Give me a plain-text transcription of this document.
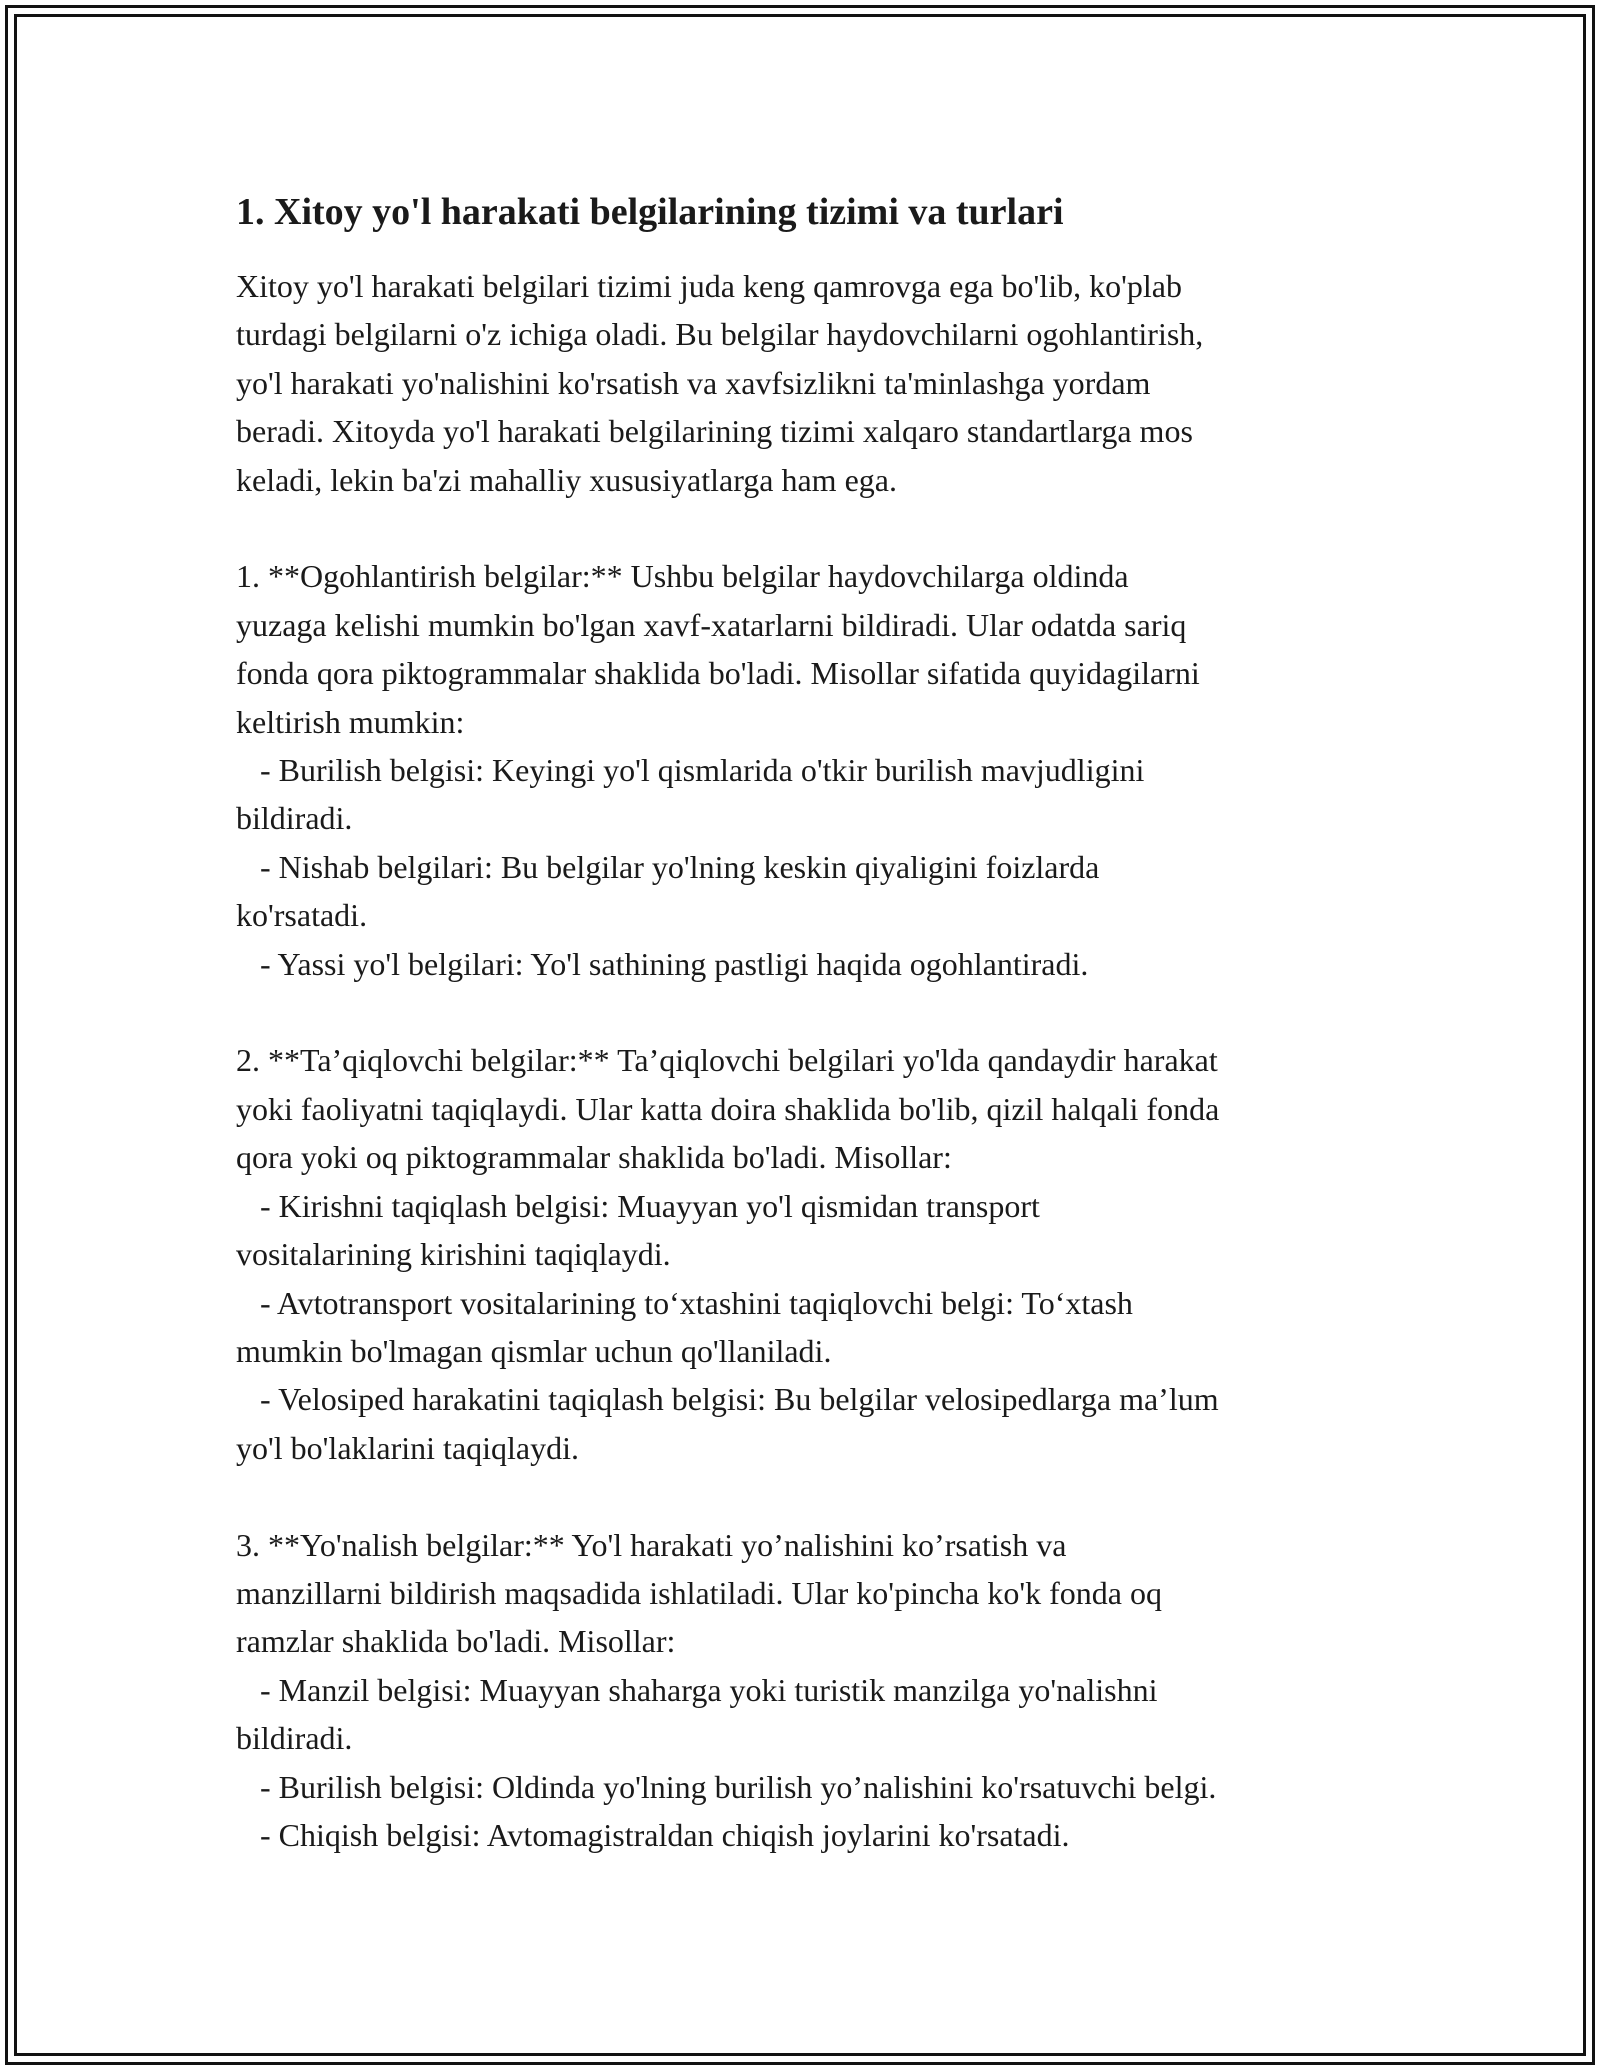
1. Xitoy yo'l harakati belgilarining tizimi va turlari

Xitoy yo'l harakati belgilari tizimi juda keng qamrovga ega bo'lib, ko'plab
turdagi belgilarni o'z ichiga oladi. Bu belgilar haydovchilarni ogohlantirish,
yo'l harakati yo'nalishini ko'rsatish va xavfsizlikni ta'minlashga yordam
beradi. Xitoyda yo'l harakati belgilarining tizimi xalqaro standartlarga mos
keladi, lekin ba'zi mahalliy xususiyatlarga ham ega.

1. **Ogohlantirish belgilar:** Ushbu belgilar haydovchilarga oldinda
yuzaga kelishi mumkin bo'lgan xavf-xatarlarni bildiradi. Ular odatda sariq
fonda qora piktogrammalar shaklida bo'ladi. Misollar sifatida quyidagilarni
keltirish mumkin:
- Burilish belgisi: Keyingi yo'l qismlarida o'tkir burilish mavjudligini
bildiradi.
- Nishab belgilari: Bu belgilar yo'lning keskin qiyaligini foizlarda
ko'rsatadi.
- Yassi yo'l belgilari: Yo'l sathining pastligi haqida ogohlantiradi.

2. **Ta’qiqlovchi belgilar:** Ta’qiqlovchi belgilari yo'lda qandaydir harakat
yoki faoliyatni taqiqlaydi. Ular katta doira shaklida bo'lib, qizil halqali fonda
qora yoki oq piktogrammalar shaklida bo'ladi. Misollar:
- Kirishni taqiqlash belgisi: Muayyan yo'l qismidan transport
vositalarining kirishini taqiqlaydi.
- Avtotransport vositalarining to‘xtashini taqiqlovchi belgi: To‘xtash
mumkin bo'lmagan qismlar uchun qo'llaniladi.
- Velosiped harakatini taqiqlash belgisi: Bu belgilar velosipedlarga ma’lum
yo'l bo'laklarini taqiqlaydi.

3. **Yo'nalish belgilar:** Yo'l harakati yo’nalishini ko’rsatish va
manzillarni bildirish maqsadida ishlatiladi. Ular ko'pincha ko'k fonda oq
ramzlar shaklida bo'ladi. Misollar:
- Manzil belgisi: Muayyan shaharga yoki turistik manzilga yo'nalishni
bildiradi.
- Burilish belgisi: Oldinda yo'lning burilish yo’nalishini ko'rsatuvchi belgi.
- Chiqish belgisi: Avtomagistraldan chiqish joylarini ko'rsatadi.
